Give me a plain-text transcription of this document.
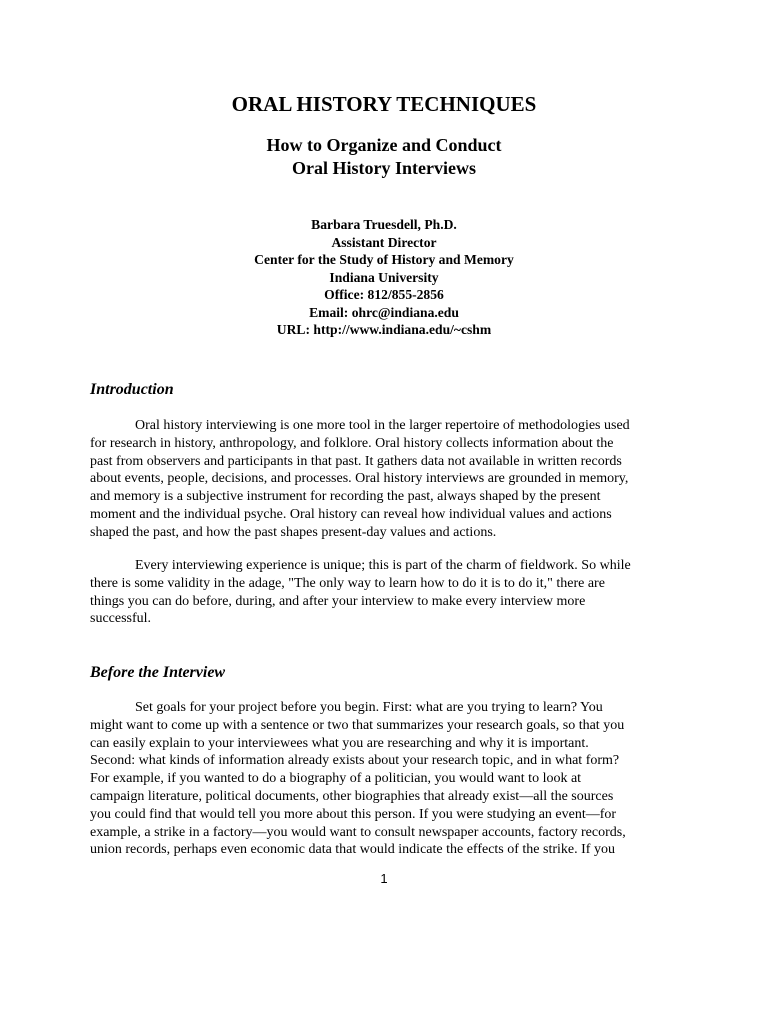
ORAL HISTORY TECHNIQUES
How to Organize and Conduct
Oral History Interviews
Barbara Truesdell, Ph.D.
Assistant Director
Center for the Study of History and Memory
Indiana University
Office: 812/855-2856
Email: ohrc@indiana.edu
URL: http://www.indiana.edu/~cshm
Introduction

Oral history interviewing is one more tool in the larger repertoire of methodologies used
for research in history, anthropology, and folklore. Oral history collects information about the
past from observers and participants in that past. It gathers data not available in written records
about events, people, decisions, and processes. Oral history interviews are grounded in memory,
and memory is a subjective instrument for recording the past, always shaped by the present
moment and the individual psyche. Oral history can reveal how individual values and actions
shaped the past, and how the past shapes present-day values and actions.

Every interviewing experience is unique; this is part of the charm of fieldwork. So while
there is some validity in the adage, "The only way to learn how to do it is to do it," there are
things you can do before, during, and after your interview to make every interview more
successful.

Before the Interview

Set goals for your project before you begin. First: what are you trying to learn? You
might want to come up with a sentence or two that summarizes your research goals, so that you
can easily explain to your interviewees what you are researching and why it is important.
Second: what kinds of information already exists about your research topic, and in what form?
For example, if you wanted to do a biography of a politician, you would want to look at
campaign literature, political documents, other biographies that already exist—all the sources
you could find that would tell you more about this person. If you were studying an event—for
example, a strike in a factory—you would want to consult newspaper accounts, factory records,
union records, perhaps even economic data that would indicate the effects of the strike. If you

1
